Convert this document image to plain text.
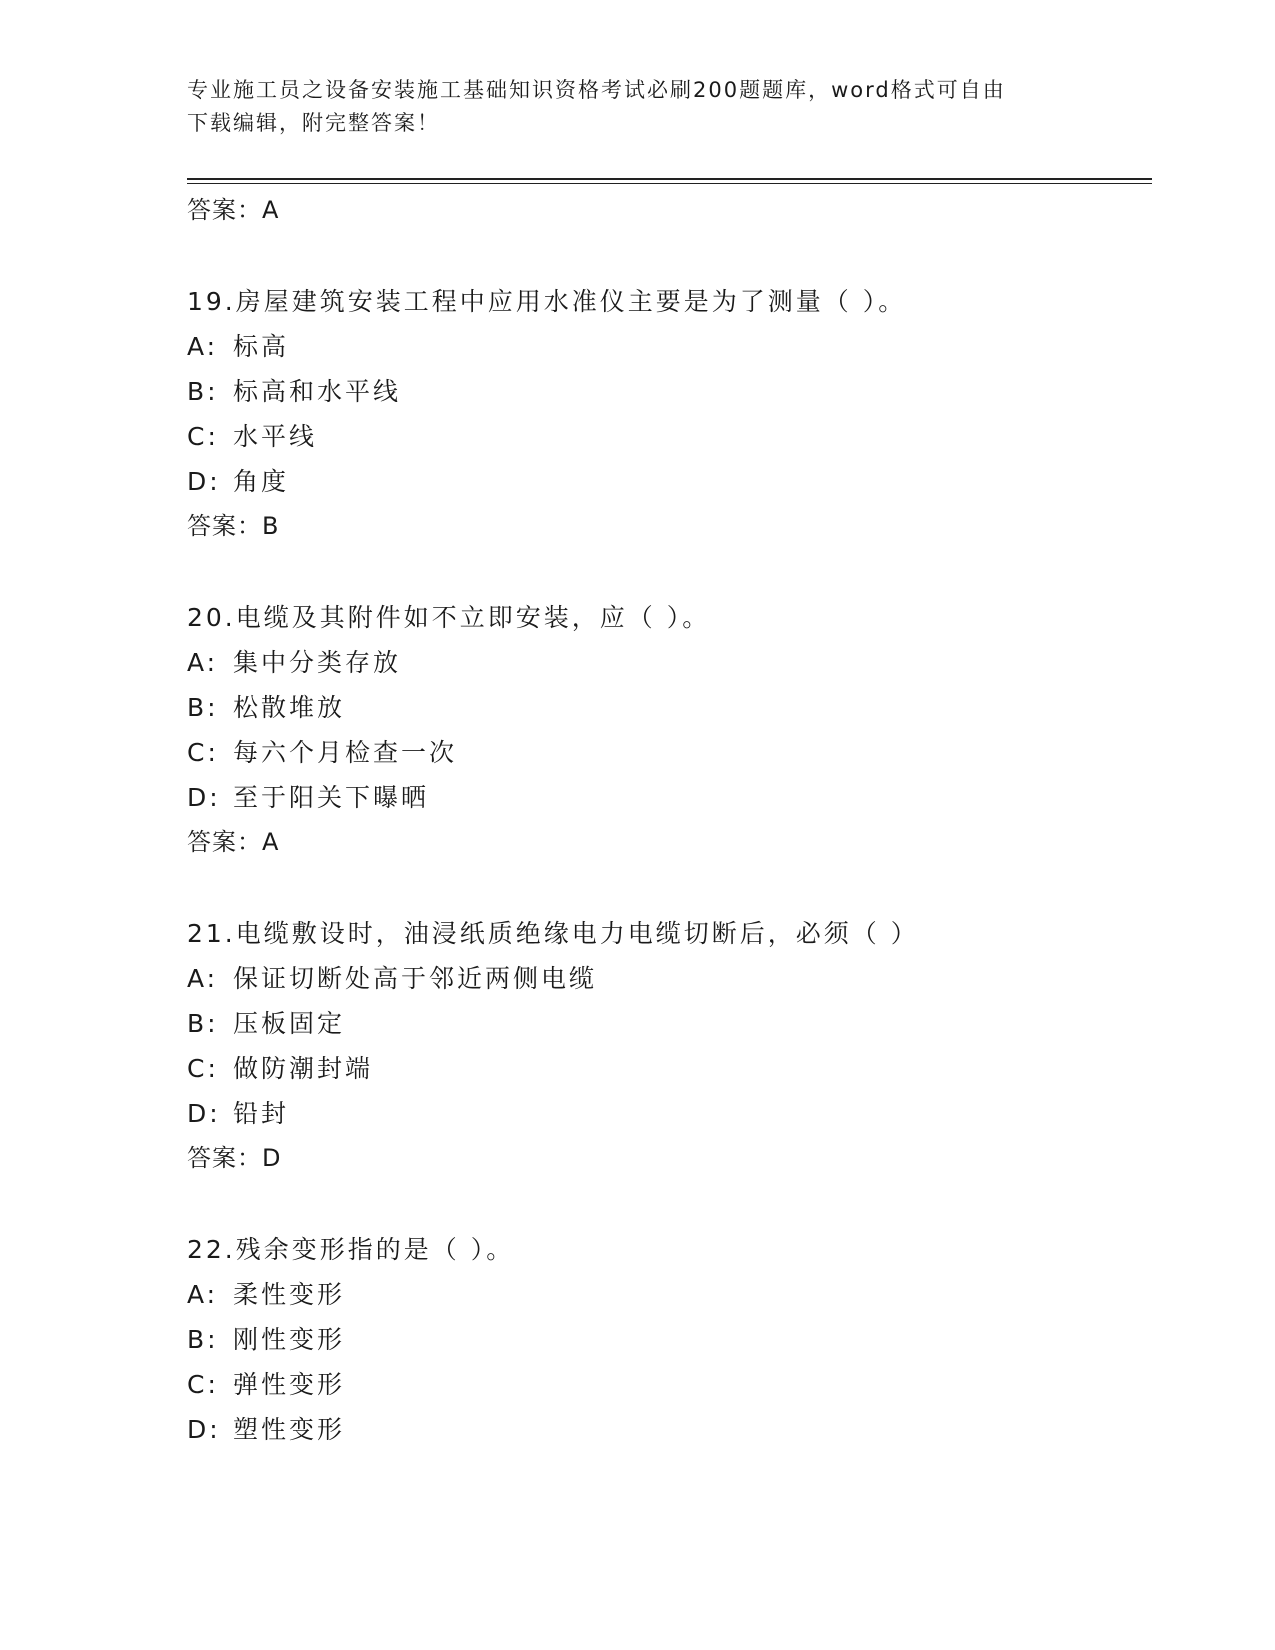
专业施工员之设备安装施工基础知识资格考试必刷200题题库，word格式可自由
下载编辑，附完整答案！
答案：A
19.房屋建筑安装工程中应用水准仪主要是为了测量（ ）。
A: 标高
B: 标高和水平线
C: 水平线
D: 角度
答案：B
20.电缆及其附件如不立即安装，应（ ）。
A: 集中分类存放
B: 松散堆放
C: 每六个月检查一次
D: 至于阳关下曝晒
答案：A
21.电缆敷设时，油浸纸质绝缘电力电缆切断后，必须（ ）
A: 保证切断处高于邻近两侧电缆
B: 压板固定
C: 做防潮封端
D: 铅封
答案：D
22.残余变形指的是（ ）。
A: 柔性变形
B: 刚性变形
C: 弹性变形
D: 塑性变形
